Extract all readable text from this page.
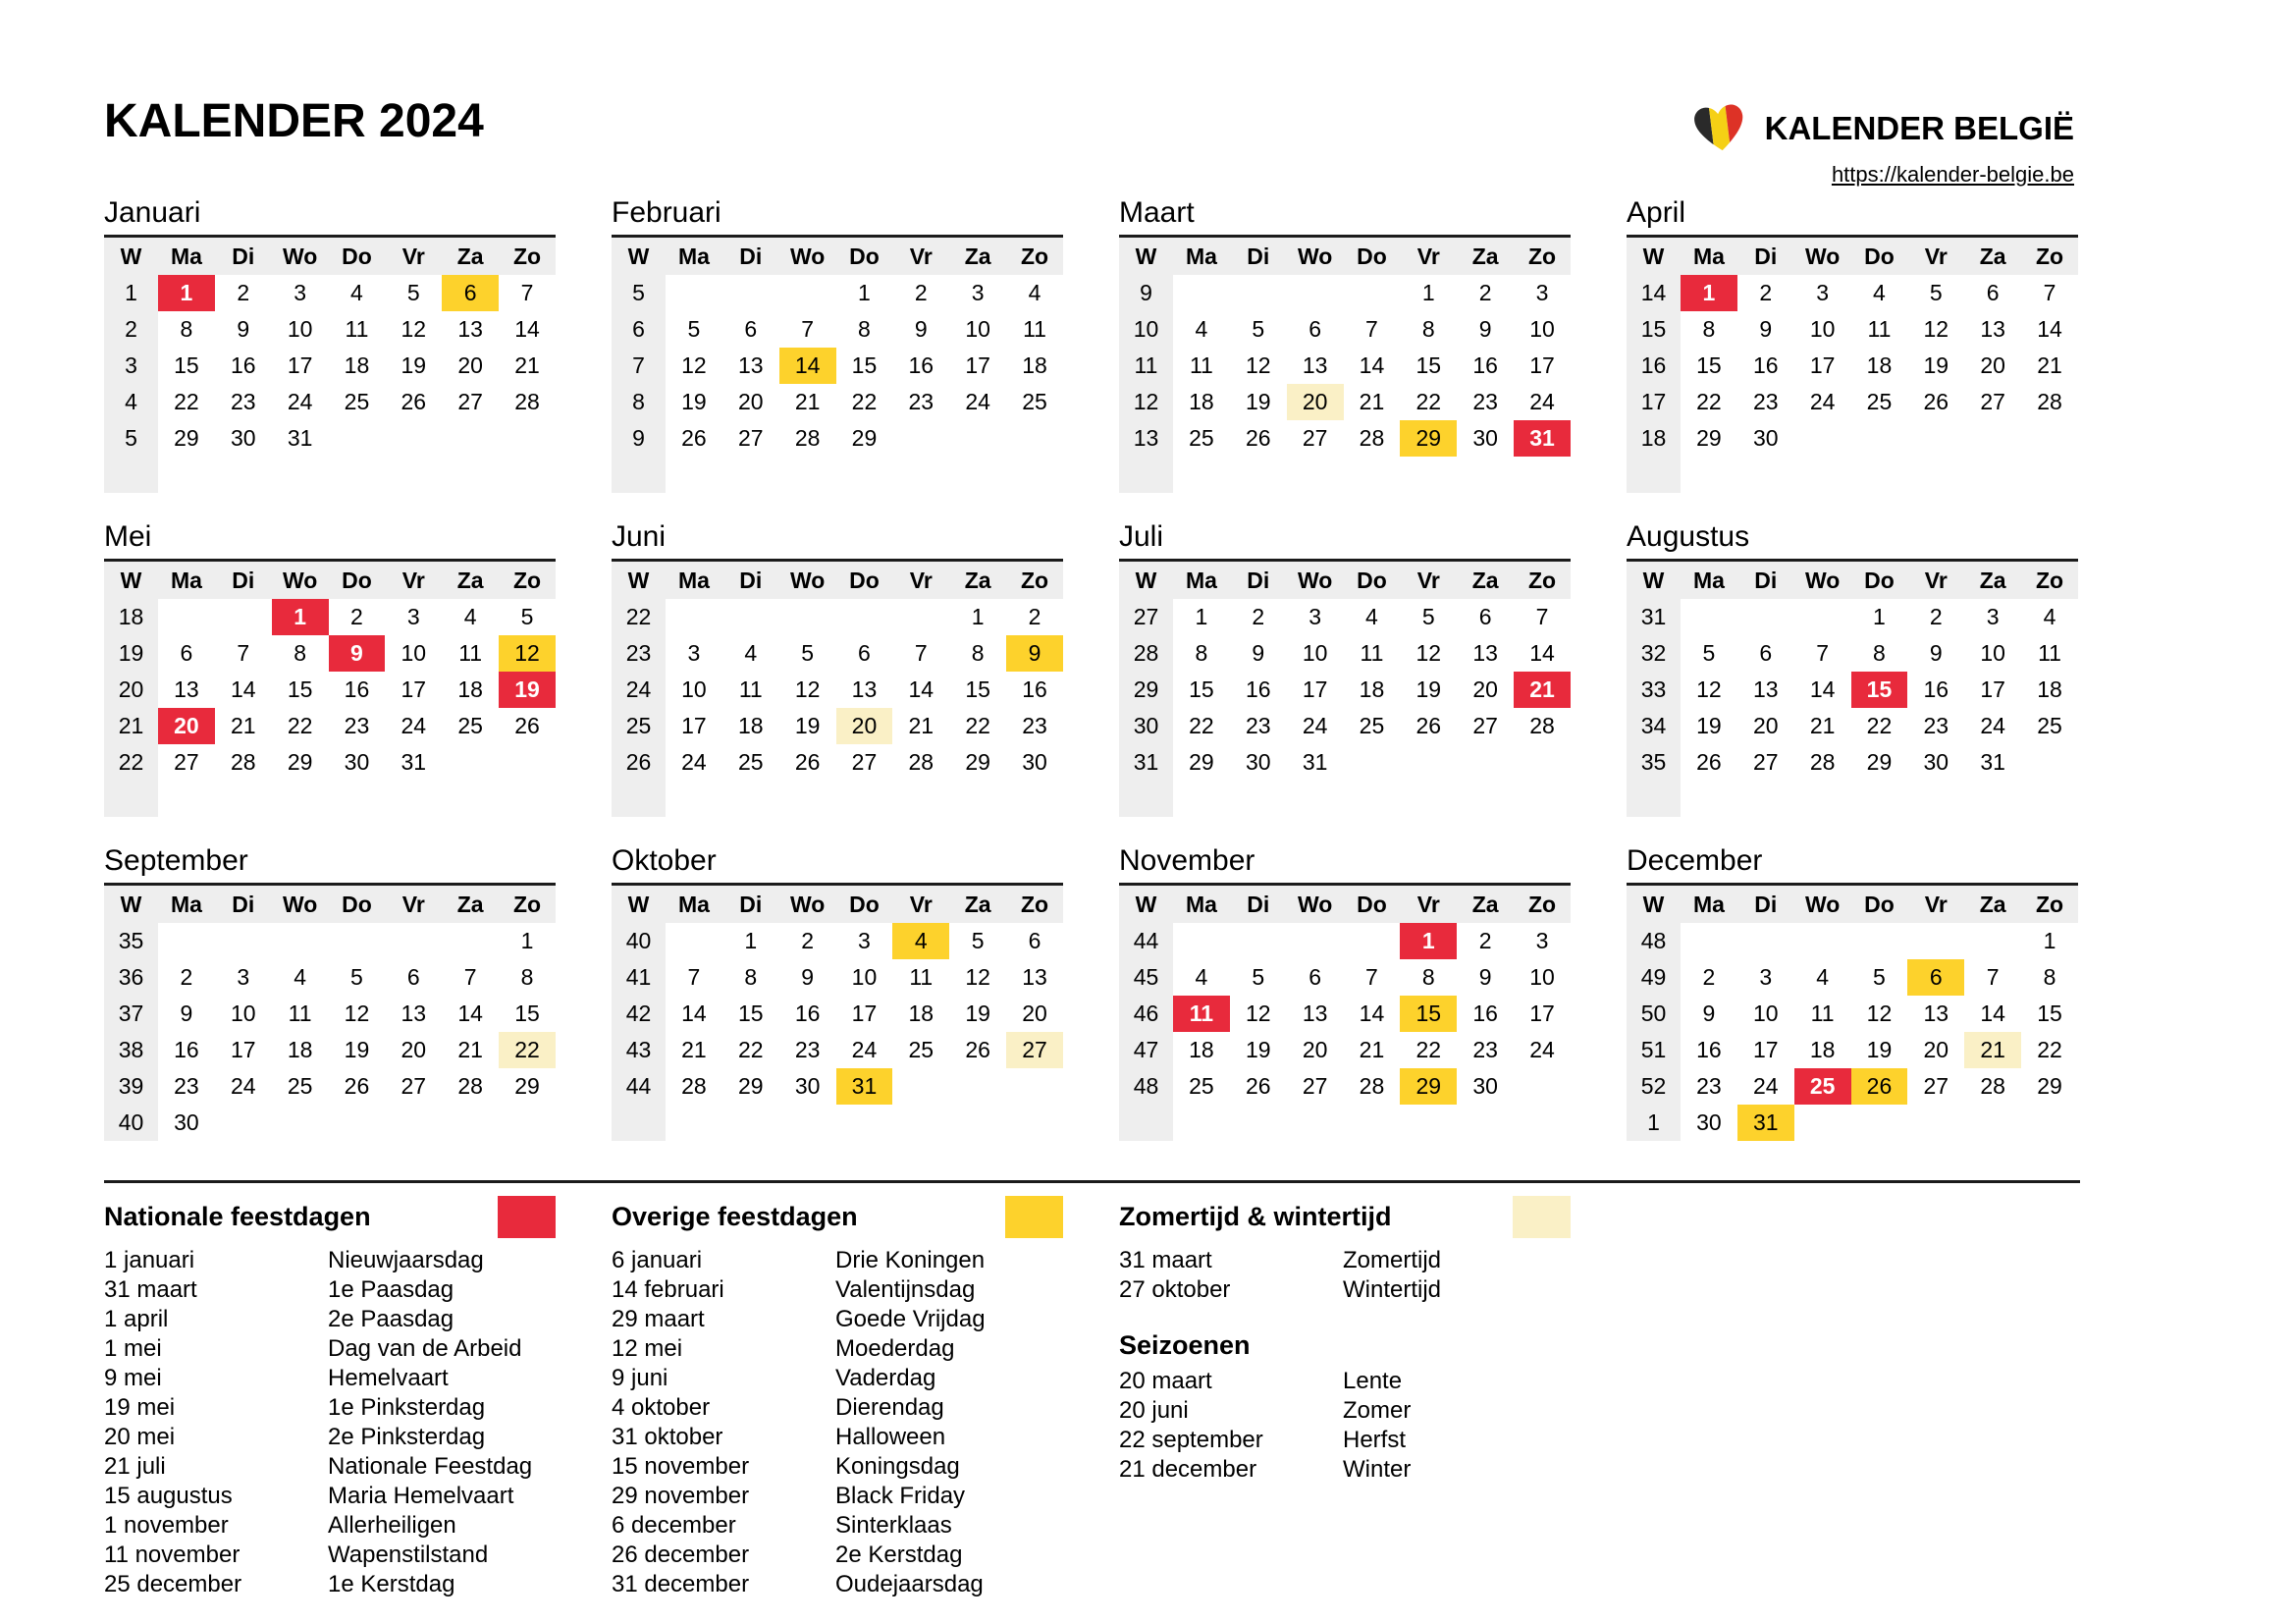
KALENDER 2024	KALENDER BELGIË
https://kalender-belgie.be
Januari
W	Ma	Di	Wo	Do	Vr	Za	Zo
1	1	2	3	4	5	6	7
2	8	9	10	11	12	13	14
3	15	16	17	18	19	20	21
4	22	23	24	25	26	27	28
5	29	30	31				

Februari
W	Ma	Di	Wo	Do	Vr	Za	Zo
5				1	2	3	4
6	5	6	7	8	9	10	11
7	12	13	14	15	16	17	18
8	19	20	21	22	23	24	25
9	26	27	28	29			

Maart
W	Ma	Di	Wo	Do	Vr	Za	Zo
9					1	2	3
10	4	5	6	7	8	9	10
11	11	12	13	14	15	16	17
12	18	19	20	21	22	23	24
13	25	26	27	28	29	30	31

April
W	Ma	Di	Wo	Do	Vr	Za	Zo
14	1	2	3	4	5	6	7
15	8	9	10	11	12	13	14
16	15	16	17	18	19	20	21
17	22	23	24	25	26	27	28
18	29	30					

Mei
W	Ma	Di	Wo	Do	Vr	Za	Zo
18			1	2	3	4	5
19	6	7	8	9	10	11	12
20	13	14	15	16	17	18	19
21	20	21	22	23	24	25	26
22	27	28	29	30	31		

Juni
W	Ma	Di	Wo	Do	Vr	Za	Zo
22						1	2
23	3	4	5	6	7	8	9
24	10	11	12	13	14	15	16
25	17	18	19	20	21	22	23
26	24	25	26	27	28	29	30

Juli
W	Ma	Di	Wo	Do	Vr	Za	Zo
27	1	2	3	4	5	6	7
28	8	9	10	11	12	13	14
29	15	16	17	18	19	20	21
30	22	23	24	25	26	27	28
31	29	30	31				

Augustus
W	Ma	Di	Wo	Do	Vr	Za	Zo
31				1	2	3	4
32	5	6	7	8	9	10	11
33	12	13	14	15	16	17	18
34	19	20	21	22	23	24	25
35	26	27	28	29	30	31	

September
W	Ma	Di	Wo	Do	Vr	Za	Zo
35							1
36	2	3	4	5	6	7	8
37	9	10	11	12	13	14	15
38	16	17	18	19	20	21	22
39	23	24	25	26	27	28	29
40	30						
Oktober
W	Ma	Di	Wo	Do	Vr	Za	Zo
40		1	2	3	4	5	6
41	7	8	9	10	11	12	13
42	14	15	16	17	18	19	20
43	21	22	23	24	25	26	27
44	28	29	30	31			

November
W	Ma	Di	Wo	Do	Vr	Za	Zo
44					1	2	3
45	4	5	6	7	8	9	10
46	11	12	13	14	15	16	17
47	18	19	20	21	22	23	24
48	25	26	27	28	29	30	

December
W	Ma	Di	Wo	Do	Vr	Za	Zo
48							1
49	2	3	4	5	6	7	8
50	9	10	11	12	13	14	15
51	16	17	18	19	20	21	22
52	23	24	25	26	27	28	29
1	30	31					
Nationale feestdagen
1 januari	Nieuwjaarsdag
31 maart	1e Paasdag
1 april	2e Paasdag
1 mei	Dag van de Arbeid
9 mei	Hemelvaart
19 mei	1e Pinksterdag
20 mei	2e Pinksterdag
21 juli	Nationale Feestdag
15 augustus	Maria Hemelvaart
1 november	Allerheiligen
11 november	Wapenstilstand
25 december	1e Kerstdag
Overige feestdagen
6 januari	Drie Koningen
14 februari	Valentijnsdag
29 maart	Goede Vrijdag
12 mei	Moederdag
9 juni	Vaderdag
4 oktober	Dierendag
31 oktober	Halloween
15 november	Koningsdag
29 november	Black Friday
6 december	Sinterklaas
26 december	2e Kerstdag
31 december	Oudejaarsdag
Zomertijd & wintertijd
31 maart	Zomertijd
27 oktober	Wintertijd
Seizoenen
20 maart	Lente
20 juni	Zomer
22 september	Herfst
21 december	Winter
